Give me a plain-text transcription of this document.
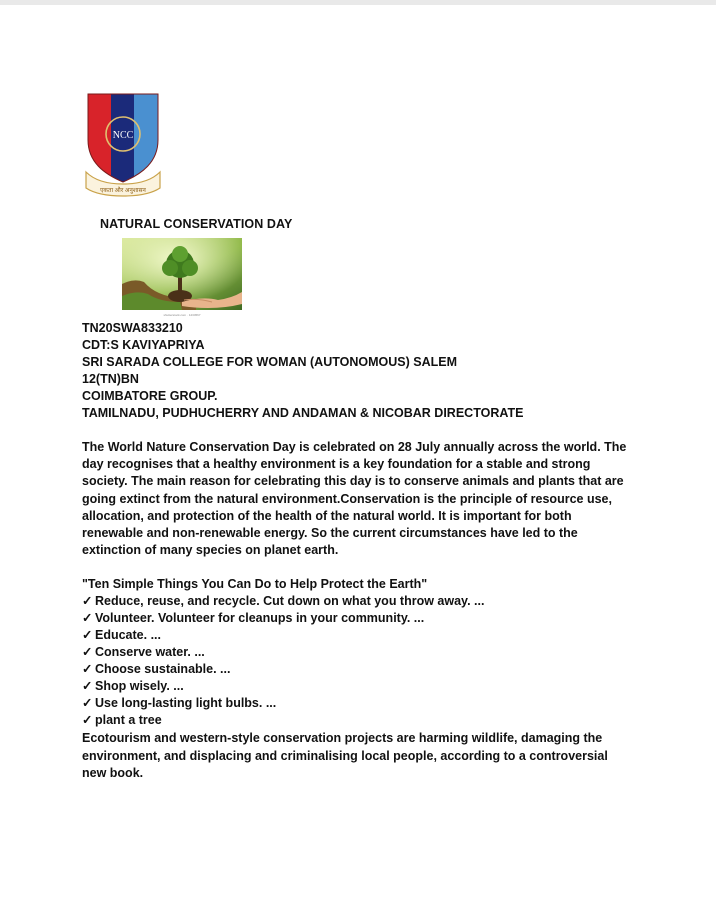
NCC
एकता और अनुशासन
NATURAL CONSERVATION DAY
shutterstock.com · 1234567
TN20SWA833210
CDT:S KAVIYAPRIYA
SRI SARADA COLLEGE FOR WOMAN (AUTONOMOUS) SALEM
12(TN)BN
COIMBATORE GROUP.
TAMILNADU, PUDHUCHERRY AND ANDAMAN & NICOBAR DIRECTORATE

The World Nature Conservation Day is celebrated on 28 July annually across the world. The day recognises that a healthy environment is a key foundation for a stable and strong society. The main reason for celebrating this day is to conserve animals and plants that are going extinct from the natural environment.Conservation is the principle of resource use, allocation, and protection of the health of the natural world. It is important for both renewable and non-renewable energy. So the current circumstances have led to the extinction of many species on planet earth.

"Ten Simple Things You Can Do to Help Protect the Earth"
✓ Reduce, reuse, and recycle. Cut down on what you throw away. ...
✓ Volunteer. Volunteer for cleanups in your community. ...
✓ Educate. ...
✓ Conserve water. ...
✓ Choose sustainable. ...
✓ Shop wisely. ...
✓ Use long-lasting light bulbs. ...
✓ plant a tree

Ecotourism and western-style conservation projects are harming wildlife, damaging the environment, and displacing and criminalising local people, according to a controversial new book.
